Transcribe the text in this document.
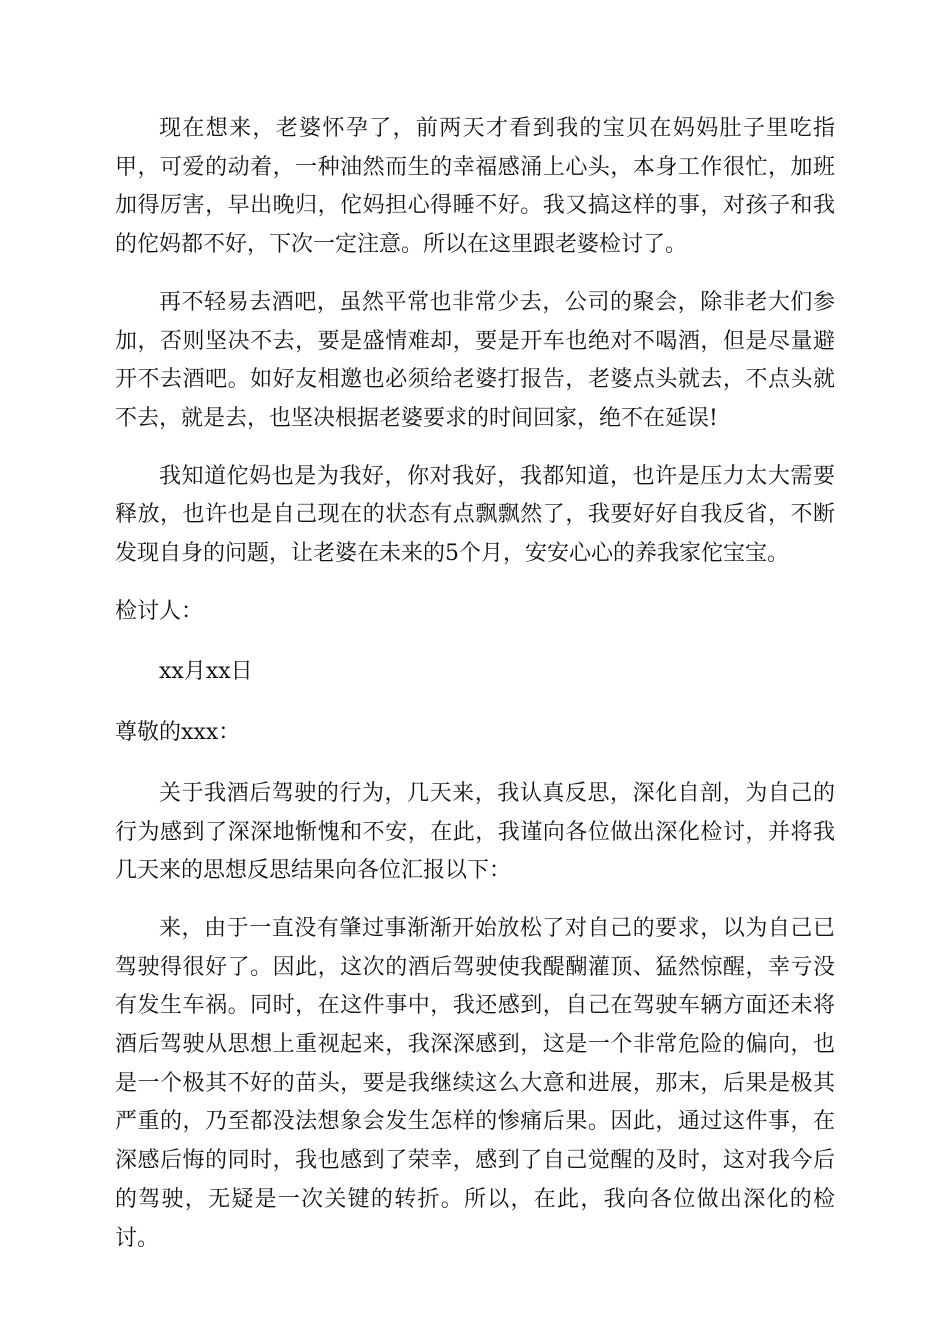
现在想来，老婆怀孕了，前两天才看到我的宝贝在妈妈肚子里吃指甲，可爱的动着，一种油然而生的幸福感涌上心头，本身工作很忙，加班加得厉害，早出晚归，佗妈担心得睡不好。我又搞这样的事，对孩子和我的佗妈都不好，下次一定注意。所以在这里跟老婆检讨了。

再不轻易去酒吧，虽然平常也非常少去，公司的聚会，除非老大们参加，否则坚决不去，要是盛情难却，要是开车也绝对不喝酒，但是尽量避开不去酒吧。如好友相邀也必须给老婆打报告，老婆点头就去，不点头就不去，就是去，也坚决根据老婆要求的时间回家，绝不在延误!

我知道佗妈也是为我好，你对我好，我都知道，也许是压力太大需要释放，也许也是自己现在的状态有点飘飘然了，我要好好自我反省，不断发现自身的问题，让老婆在未来的5个月，安安心心的养我家佗宝宝。

检讨人：

xx月xx日

尊敬的xxx：

关于我酒后驾驶的行为，几天来，我认真反思，深化自剖，为自己的行为感到了深深地惭愧和不安，在此，我谨向各位做出深化检讨，并将我几天来的思想反思结果向各位汇报以下：

来，由于一直没有肇过事渐渐开始放松了对自己的要求，以为自己已驾驶得很好了。因此，这次的酒后驾驶使我醍醐灌顶、猛然惊醒，幸亏没有发生车祸。同时，在这件事中，我还感到，自己在驾驶车辆方面还未将酒后驾驶从思想上重视起来，我深深感到，这是一个非常危险的偏向，也是一个极其不好的苗头，要是我继续这么大意和进展，那末，后果是极其严重的，乃至都没法想象会发生怎样的惨痛后果。因此，通过这件事，在深感后悔的同时，我也感到了荣幸，感到了自己觉醒的及时，这对我今后的驾驶，无疑是一次关键的转折。所以，在此，我向各位做出深化的检讨。
